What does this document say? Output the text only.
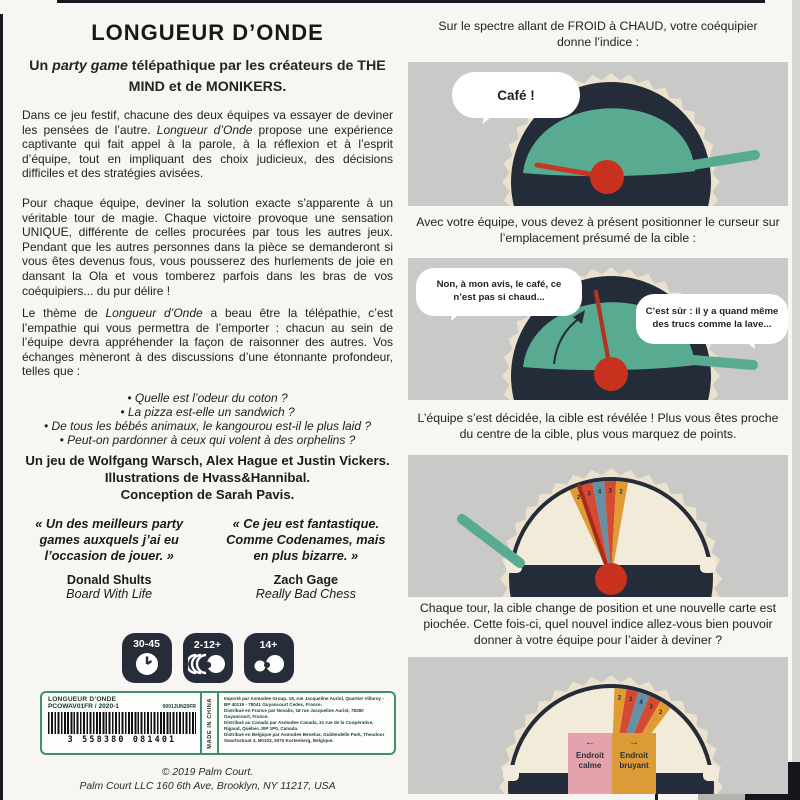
LONGUEUR D’ONDE
Un party game télépathique par les créateurs de THE MIND et de MONIKERS.
Dans ce jeu festif, chacune des deux équipes va essayer de deviner les pensées de l’autre. Longueur d’Onde propose une expérience captivante qui fait appel à la parole, à la réflexion et à l’esprit d’équipe, tout en impliquant des choix judicieux, des décisions difficiles et des stratégies avisées.
Pour chaque équipe, deviner la solution exacte s’apparente à un véritable tour de magie. Chaque victoire provoque une sensation UNIQUE, différente de celles procurées par tous les autres jeux. Pendant que les autres personnes dans la pièce se demanderont si vous êtes devenus fous, vous pousserez des hurlements de joie en dansant la Ola et vous tomberez parfois dans les bras de vos coéquipiers... du pur délire !
Le thème de Longueur d’Onde a beau être la télépathie, c’est l’empathie qui vous permettra de l’emporter : chacun au sein de l’équipe devra appréhender la façon de raisonner des autres. Vos échanges mèneront à des discussions d’une étonnante profondeur, telles que :
• Quelle est l’odeur du coton ?
• La pizza est-elle un sandwich ?
• De tous les bébés animaux, le kangourou est-il le plus laid ?
• Peut-on pardonner à ceux qui volent à des orphelins ?
Un jeu de Wolfgang Warsch, Alex Hague et Justin Vickers.
Illustrations de Hvass&Hannibal.
Conception de Sarah Pavis.
« Un des meilleurs party games auxquels j’ai eu l’occasion de jouer. »
Donald Shults
Board With Life
« Ce jeu est fantastique. Comme Codenames, mais en plus bizarre. »
Zach Gage
Really Bad Chess
30-45	2-12+	14+
LONGUEUR D’ONDE
PCOWAV01FR / 2020-1	0001JUN20FR
3 558380 081401	MADE IN CHINA	Importé par Asmodee Group, 18, rue Jacqueline Auriol, Quartier Villaroy - BP 40119 - 78041 Guyancourt Cedex, France.
Distribué en France par Novalis, 18 rue Jacqueline Auriol, 78280 Guyancourt, France.
Distribué au Canada par Asmodee Canada, 31 rue de la Coopérative, Rigaud, Québec J0P 1P0, Canada.
Distribué en Belgique par Asmodee Benelux, Guldendelle Park, Theodoor Swartsstraat 3, B0103, 3070 Kortenberg, Belgique.
© 2019 Palm Court.
Palm Court LLC 160 6th Ave, Brooklyn, NY 11217, USA
Sur le spectre allant de FROID à CHAUD, votre coéquipier donne l’indice :
Café !
Avec votre équipe, vous devez à présent positionner le curseur sur l’emplacement présumé de la cible :
Non, à mon avis, le café, ce n’est pas si chaud...
C’est sûr : il y a quand même des trucs comme la lave...
L’équipe s’est décidée, la cible est révélée ! Plus vous êtes proche du centre de la cible, plus vous marquez de points.
2
3 4 3 2
Chaque tour, la cible change de position et une nouvelle carte est piochée. Cette fois-ci, quel nouvel indice allez-vous bien pouvoir donner à votre équipe pour l’aider à deviner ?
2 3 4
3
2
←
Endroit calme
→
Endroit bruyant
